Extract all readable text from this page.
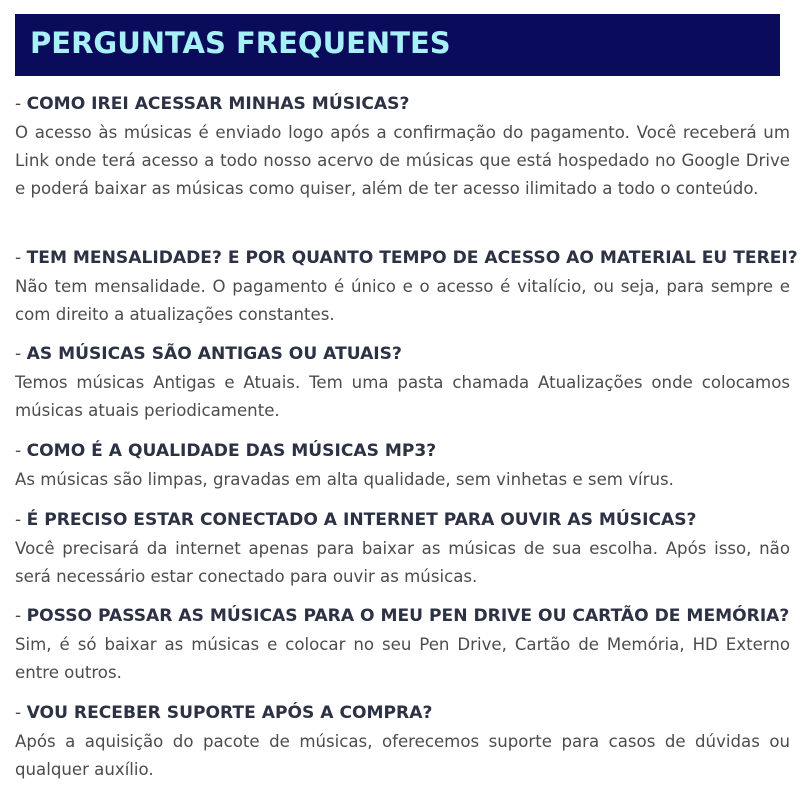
PERGUNTAS FREQUENTES

- COMO IREI ACESSAR MINHAS MÚSICAS?

O acesso às músicas é enviado logo após a confirmação do pagamento. Você receberá um Link onde terá acesso a todo nosso acervo de músicas que está hospedado no Google Drive e poderá baixar as músicas como quiser, além de ter acesso ilimitado a todo o conteúdo.

- TEM MENSALIDADE? E POR QUANTO TEMPO DE ACESSO AO MATERIAL EU TEREI?

Não tem mensalidade. O pagamento é único e o acesso é vitalício, ou seja, para sempre e com direito a atualizações constantes.

- AS MÚSICAS SÃO ANTIGAS OU ATUAIS?

Temos músicas Antigas e Atuais. Tem uma pasta chamada Atualizações onde colocamos músicas atuais periodicamente.

- COMO É A QUALIDADE DAS MÚSICAS MP3?

As músicas são limpas, gravadas em alta qualidade, sem vinhetas e sem vírus.

- É PRECISO ESTAR CONECTADO A INTERNET PARA OUVIR AS MÚSICAS?

Você precisará da internet apenas para baixar as músicas de sua escolha. Após isso, não será necessário estar conectado para ouvir as músicas.

- POSSO PASSAR AS MÚSICAS PARA O MEU PEN DRIVE OU CARTÃO DE MEMÓRIA?

Sim, é só baixar as músicas e colocar no seu Pen Drive, Cartão de Memória, HD Externo entre outros.

- VOU RECEBER SUPORTE APÓS A COMPRA?

Após a aquisição do pacote de músicas, oferecemos suporte para casos de dúvidas ou qualquer auxílio.
